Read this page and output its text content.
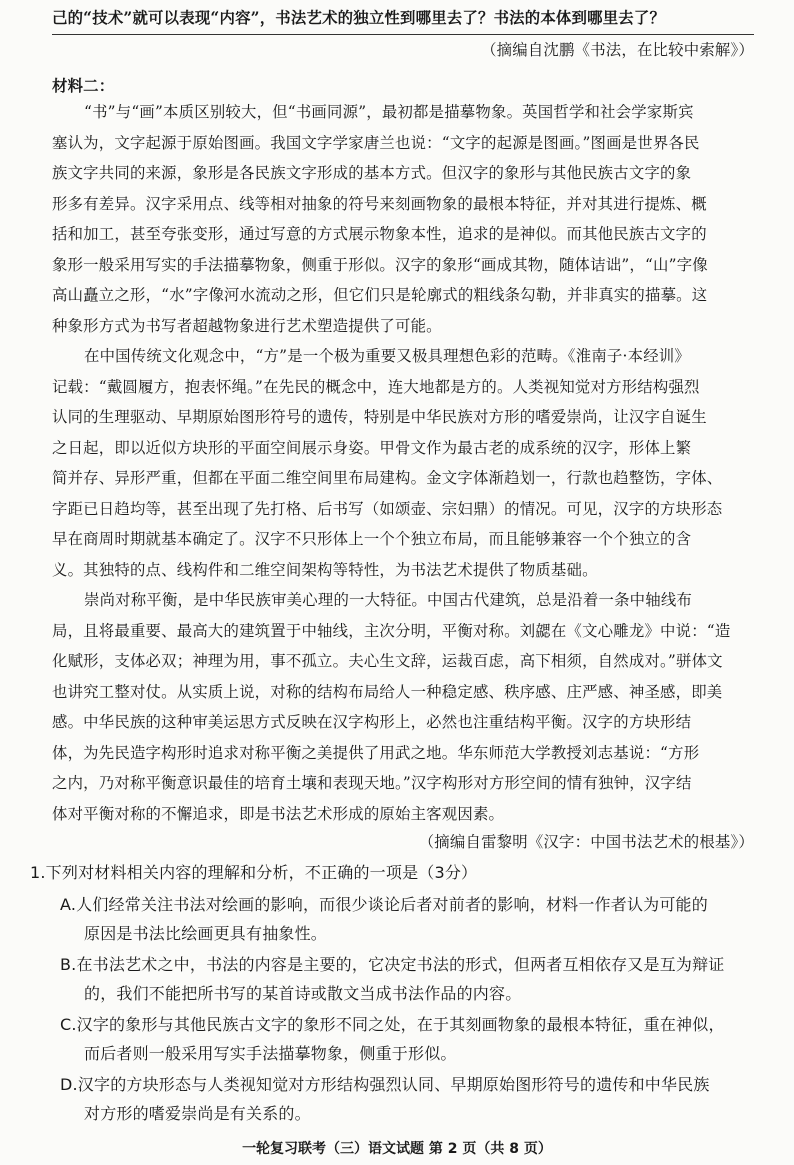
己的“技术”就可以表现“内容”，书法艺术的独立性到哪里去了？书法的本体到哪里去了？
（摘编自沈鹏《书法，在比较中索解》）
材料二：
“书”与“画”本质区别较大，但“书画同源”，最初都是描摹物象。英国哲学和社会学家斯宾
塞认为，文字起源于原始图画。我国文字学家唐兰也说：“文字的起源是图画。”图画是世界各民
族文字共同的来源，象形是各民族文字形成的基本方式。但汉字的象形与其他民族古文字的象
形多有差异。汉字采用点、线等相对抽象的符号来刻画物象的最根本特征，并对其进行提炼、概
括和加工，甚至夸张变形，通过写意的方式展示物象本性，追求的是神似。而其他民族古文字的
象形一般采用写实的手法描摹物象，侧重于形似。汉字的象形“画成其物，随体诘诎”，“山”字像
高山矗立之形，“水”字像河水流动之形，但它们只是轮廓式的粗线条勾勒，并非真实的描摹。这
种象形方式为书写者超越物象进行艺术塑造提供了可能。
在中国传统文化观念中，“方”是一个极为重要又极具理想色彩的范畴。《淮南子·本经训》
记载：“戴圆履方，抱表怀绳。”在先民的概念中，连大地都是方的。人类视知觉对方形结构强烈
认同的生理驱动、早期原始图形符号的遗传，特别是中华民族对方形的嗜爱崇尚，让汉字自诞生
之日起，即以近似方块形的平面空间展示身姿。甲骨文作为最古老的成系统的汉字，形体上繁
简并存、异形严重，但都在平面二维空间里布局建构。金文字体渐趋划一，行款也趋整饬，字体、
字距已日趋均等，甚至出现了先打格、后书写（如颂壶、宗妇鼎）的情况。可见，汉字的方块形态
早在商周时期就基本确定了。汉字不只形体上一个个独立布局，而且能够兼容一个个独立的含
义。其独特的点、线构件和二维空间架构等特性，为书法艺术提供了物质基础。
崇尚对称平衡，是中华民族审美心理的一大特征。中国古代建筑，总是沿着一条中轴线布
局，且将最重要、最高大的建筑置于中轴线，主次分明，平衡对称。刘勰在《文心雕龙》中说：“造
化赋形，支体必双；神理为用，事不孤立。夫心生文辞，运裁百虑，高下相须，自然成对。”骈体文
也讲究工整对仗。从实质上说，对称的结构布局给人一种稳定感、秩序感、庄严感、神圣感，即美
感。中华民族的这种审美运思方式反映在汉字构形上，必然也注重结构平衡。汉字的方块形结
体，为先民造字构形时追求对称平衡之美提供了用武之地。华东师范大学教授刘志基说：“方形
之内，乃对称平衡意识最佳的培育土壤和表现天地。”汉字构形对方形空间的情有独钟，汉字结
体对平衡对称的不懈追求，即是书法艺术形成的原始主客观因素。
（摘编自雷黎明《汉字：中国书法艺术的根基》）
1.下列对材料相关内容的理解和分析，不正确的一项是（3分）
A.人们经常关注书法对绘画的影响，而很少谈论后者对前者的影响，材料一作者认为可能的
原因是书法比绘画更具有抽象性。
B.在书法艺术之中，书法的内容是主要的，它决定书法的形式，但两者互相依存又是互为辩证
的，我们不能把所书写的某首诗或散文当成书法作品的内容。
C.汉字的象形与其他民族古文字的象形不同之处，在于其刻画物象的最根本特征，重在神似，
而后者则一般采用写实手法描摹物象，侧重于形似。
D.汉字的方块形态与人类视知觉对方形结构强烈认同、早期原始图形符号的遗传和中华民族
对方形的嗜爱崇尚是有关系的。
一轮复习联考（三）语文试题 第 2 页（共 8 页）
